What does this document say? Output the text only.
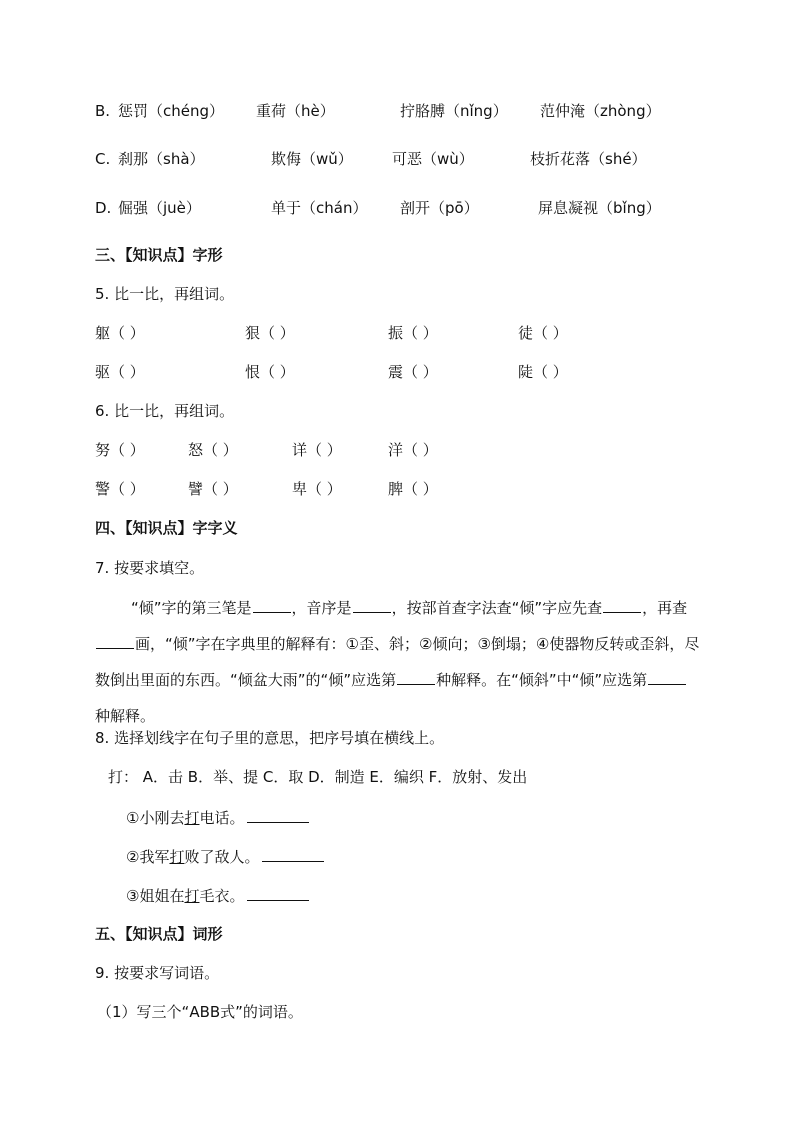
B. 惩罚（chéng） 重荷（hè）	拧胳膊（nǐng） 范仲淹（zhòng）
C. 刹那（shà）	欺侮（wǔ）	可恶（wù）	枝折花落（shé）
D. 倔强（juè）	单于（chán） 剖开（pō）	屏息凝视（bǐng）
三、【知识点】字形
5. 比一比，再组词。
躯（ ）	狠（ ）	振（ ）	徒（ ）
驱（ ）	恨（ ）	震（ ）	陡（ ）
6. 比一比，再组词。
努（ ）	怒（ ）	详（ ）	洋（ ）
警（ ）	譬（ ）	卑（ ）	脾（ ）
四、【知识点】字字义
7. 按要求填空。
“倾”字的第三笔是	，音序是	，按部首查字法查“倾”字应先查	，再查画，“倾”字在字典里的解释有：①歪、斜；②倾向；③倒塌；④使器物反转或歪斜，尽数倒出里面的东西。“倾盆大雨”的“倾”应选第	种解释。在“倾斜”中“倾”应选第种解释。
8. 选择划线字在句子里的意思，把序号填在横线上。
打： A．击 B．举、提 C．取 D．制造 E．编织 F．放射、发出
①小刚去打电话。
②我军打败了敌人。
③姐姐在打毛衣。
五、【知识点】词形
9. 按要求写词语。
（1）写三个“ABB式”的词语。
